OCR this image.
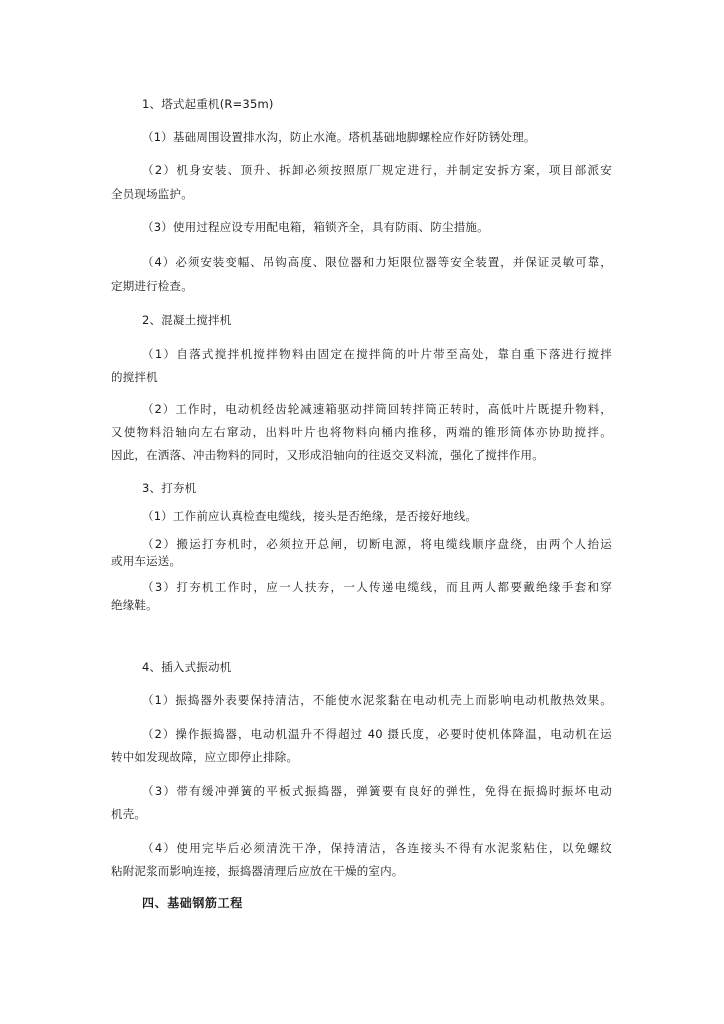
1、塔式起重机(R=35m)
（1）基础周围设置排水沟，防止水淹。塔机基础地脚螺栓应作好防锈处理。
（2）机身安装、顶升、拆卸必须按照原厂规定进行，并制定安拆方案，项目部派安
全员现场监护。
（3）使用过程应设专用配电箱，箱锁齐全，具有防雨、防尘措施。
（4）必须安装变幅、吊钩高度、限位器和力矩限位器等安全装置，并保证灵敏可靠，
定期进行检查。
2、混凝土搅拌机
（1）自落式搅拌机搅拌物料由固定在搅拌筒的叶片带至高处，靠自重下落进行搅拌
的搅拌机
（2）工作时，电动机经齿轮减速箱驱动拌筒回转拌筒正转时，高低叶片既提升物料，
又使物料沿轴向左右窜动，出料叶片也将物料向桶内推移，两端的锥形筒体亦协助搅拌。
因此，在洒落、冲击物料的同时，又形成沿轴向的往返交叉料流，强化了搅拌作用。
3、打夯机
（1）工作前应认真检查电缆线，接头是否绝缘，是否接好地线。
（2）搬运打夯机时，必须拉开总闸，切断电源，将电缆线顺序盘绕，由两个人抬运
或用车运送。
（3）打夯机工作时，应一人扶夯，一人传递电缆线，而且两人都要戴绝缘手套和穿
绝缘鞋。
4、插入式振动机
（1）振捣器外表要保持清洁，不能使水泥浆黏在电动机壳上而影响电动机散热效果。
（2）操作振捣器，电动机温升不得超过 40 摄氏度，必要时使机体降温，电动机在运
转中如发现故障，应立即停止排除。
（3）带有缓冲弹簧的平板式振捣器，弹簧要有良好的弹性，免得在振捣时振坏电动
机壳。
（4）使用完毕后必须清洗干净，保持清洁，各连接头不得有水泥浆粘住，以免螺纹
粘附泥浆而影响连接，振捣器清理后应放在干燥的室内。
四、基础钢筋工程
